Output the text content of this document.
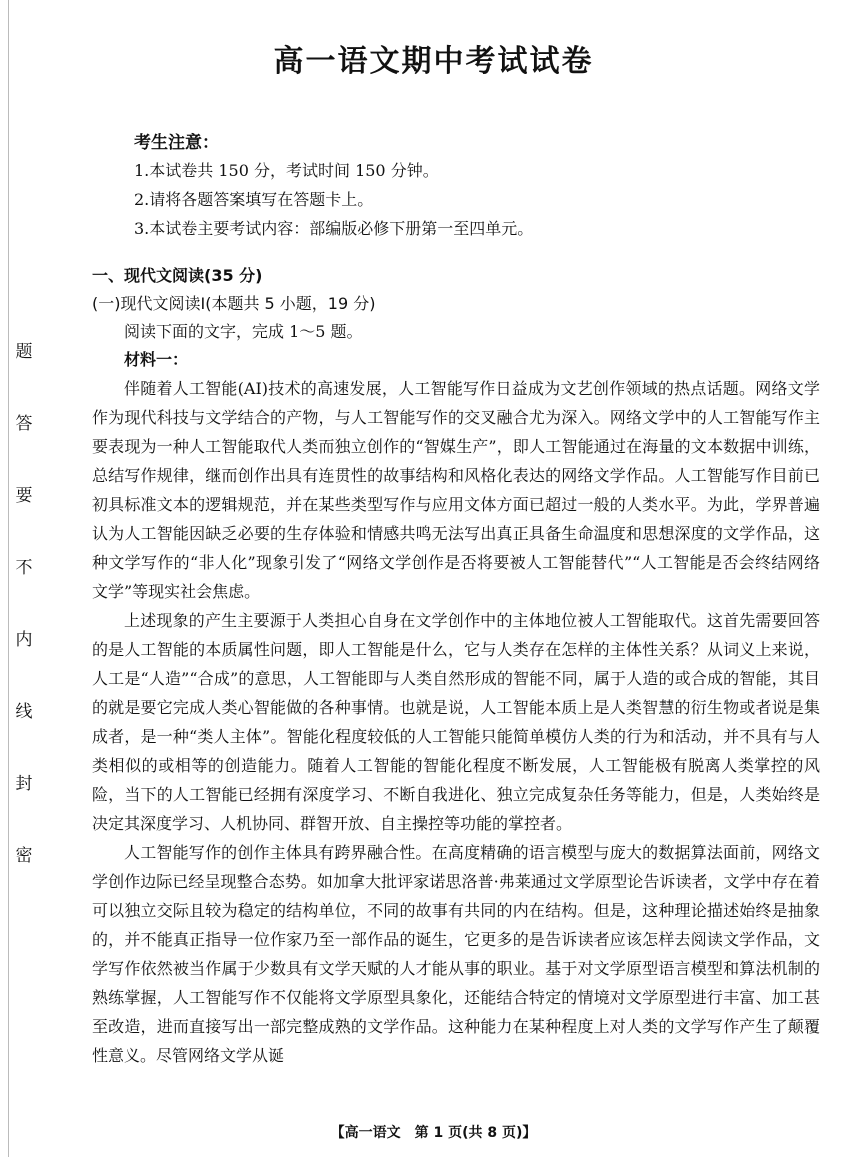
题
答
要
不
内
线
封
密
高一语文期中考试试卷
考生注意：
1.本试卷共 150 分，考试时间 150 分钟。
2.请将各题答案填写在答题卡上。
3.本试卷主要考试内容：部编版必修下册第一至四单元。
一、现代文阅读(35 分)
(一)现代文阅读Ⅰ(本题共 5 小题，19 分)
阅读下面的文字，完成 1～5 题。
材料一：

伴随着人工智能(AI)技术的高速发展，人工智能写作日益成为文艺创作领域的热点话题。网络文学作为现代科技与文学结合的产物，与人工智能写作的交叉融合尤为深入。网络文学中的人工智能写作主要表现为一种人工智能取代人类而独立创作的“智媒生产”，即人工智能通过在海量的文本数据中训练，总结写作规律，继而创作出具有连贯性的故事结构和风格化表达的网络文学作品。人工智能写作目前已初具标准文本的逻辑规范，并在某些类型写作与应用文体方面已超过一般的人类水平。为此，学界普遍认为人工智能因缺乏必要的生存体验和情感共鸣无法写出真正具备生命温度和思想深度的文学作品，这种文学写作的“非人化”现象引发了“网络文学创作是否将要被人工智能替代”“人工智能是否会终结网络文学”等现实社会焦虑。

上述现象的产生主要源于人类担心自身在文学创作中的主体地位被人工智能取代。这首先需要回答的是人工智能的本质属性问题，即人工智能是什么，它与人类存在怎样的主体性关系？从词义上来说，人工是“人造”“合成”的意思，人工智能即与人类自然形成的智能不同，属于人造的或合成的智能，其目的就是要它完成人类心智能做的各种事情。也就是说，人工智能本质上是人类智慧的衍生物或者说是集成者，是一种“类人主体”。智能化程度较低的人工智能只能简单模仿人类的行为和活动，并不具有与人类相似的或相等的创造能力。随着人工智能的智能化程度不断发展，人工智能极有脱离人类掌控的风险，当下的人工智能已经拥有深度学习、不断自我进化、独立完成复杂任务等能力，但是，人类始终是决定其深度学习、人机协同、群智开放、自主操控等功能的掌控者。

人工智能写作的创作主体具有跨界融合性。在高度精确的语言模型与庞大的数据算法面前，网络文学创作边际已经呈现整合态势。如加拿大批评家诺思洛普·弗莱通过文学原型论告诉读者，文学中存在着可以独立交际且较为稳定的结构单位，不同的故事有共同的内在结构。但是，这种理论描述始终是抽象的，并不能真正指导一位作家乃至一部作品的诞生，它更多的是告诉读者应该怎样去阅读文学作品，文学写作依然被当作属于少数具有文学天赋的人才能从事的职业。基于对文学原型语言模型和算法机制的熟练掌握，人工智能写作不仅能将文学原型具象化，还能结合特定的情境对文学原型进行丰富、加工甚至改造，进而直接写出一部完整成熟的文学作品。这种能力在某种程度上对人类的文学写作产生了颠覆性意义。尽管网络文学从诞

【高一语文　第 1 页(共 8 页)】
